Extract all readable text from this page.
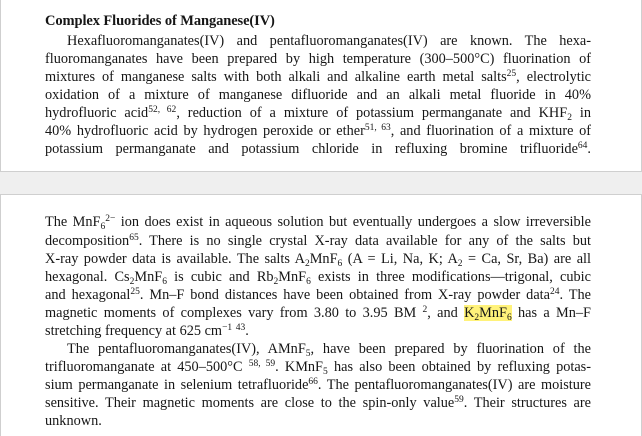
Complex Fluorides of Manganese(IV)
Hexafluoromanganates(IV) and pentafluoromanganates(IV) are known. The hexa-
fluoromanganates have been prepared by high temperature (300–500°C) fluorination of
mixtures of manganese salts with both alkali and alkaline earth metal salts$^{25}$, electrolytic
oxidation of a mixture of manganese difluoride and an alkali metal fluoride in 40%
hydrofluoric acid$^{52, 62}$, reduction of a mixture of potassium permanganate and $KHF_2$ in
40% hydrofluoric acid by hydrogen peroxide or ether$^{51, 63}$, and fluorination of a mixture of
potassium permanganate and potassium chloride in refluxing bromine trifluoride$^{64}$.
The MnF$_6^{2-}$ ion does exist in aqueous solution but eventually undergoes a slow irreversible
decomposition$^{65}$. There is no single crystal X-ray data available for any of the salts but
X-ray powder data is available. The salts $A_2MnF_6$ (A = Li, Na, K; $A_2 = Ca$, Sr, Ba) are all
hexagonal. $Cs_2MnF_6$ is cubic and $Rb_2MnF_6$ exists in three modifications—trigonal, cubic
and hexagonal$^{25}$. Mn–F bond distances have been obtained from X-ray powder data$^{24}$. The
magnetic moments of complexes vary from 3.80 to 3.95 BM $^2$, and $K_2MnF_6$ has a Mn–F
stretching frequency at 625 $cm^{-1}$ $^{43}$.
The pentafluoromanganates(IV), AMnF$_5$, have been prepared by fluorination of the
trifluoromanganate at 450–500°C $^{58, 59}$. KMnF$_5$ has also been obtained by refluxing potas-
sium permanganate in selenium tetrafluoride$^{66}$. The pentafluoromanganates(IV) are moisture
sensitive. Their magnetic moments are close to the spin-only value$^{59}$. Their structures are
unknown.
